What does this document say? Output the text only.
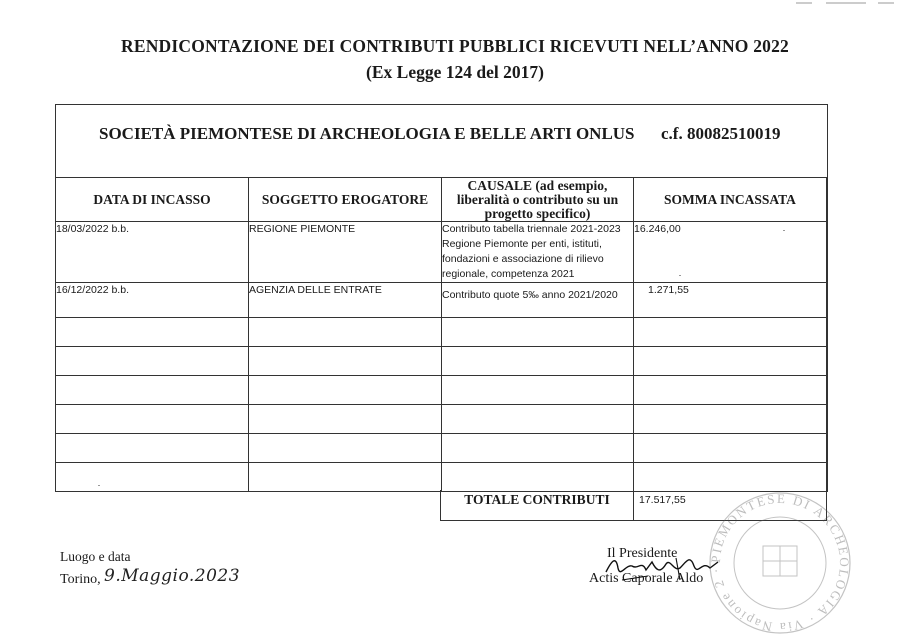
RENDICONTAZIONE DEI CONTRIBUTI PUBBLICI RICEVUTI NELL’ANNO 2022
(Ex Legge 124 del 2017)
SOCIETÀ PIEMONTESE DI ARCHEOLOGIA E BELLE ARTI ONLUS c.f. 80082510019
DATA DI INCASSO	SOGGETTO EROGATORE	CAUSALE (ad esempio, liberalità o contributo su un progetto specifico)	SOMMA INCASSATA
18/03/2022 b.b.	REGIONE PIEMONTE	Contributo tabella triennale 2021-2023 Regione Piemonte per enti, istituti, fondazioni e associazione di rilievo regionale, competenza 2021	16.246,00
16/12/2022 b.b.	AGENZIA DELLE ENTRATE	Contributo quote 5‰ anno 2021/2020	1.271,55

TOTALE CONTRIBUTI	17.517,55
Luogo e data
Torino, 9.Maggio.2023
Il Presidente
Actis Caporale Aldo
PIEMONTESE DI ARCHEOLOGIA · Via Napione 2 ·
